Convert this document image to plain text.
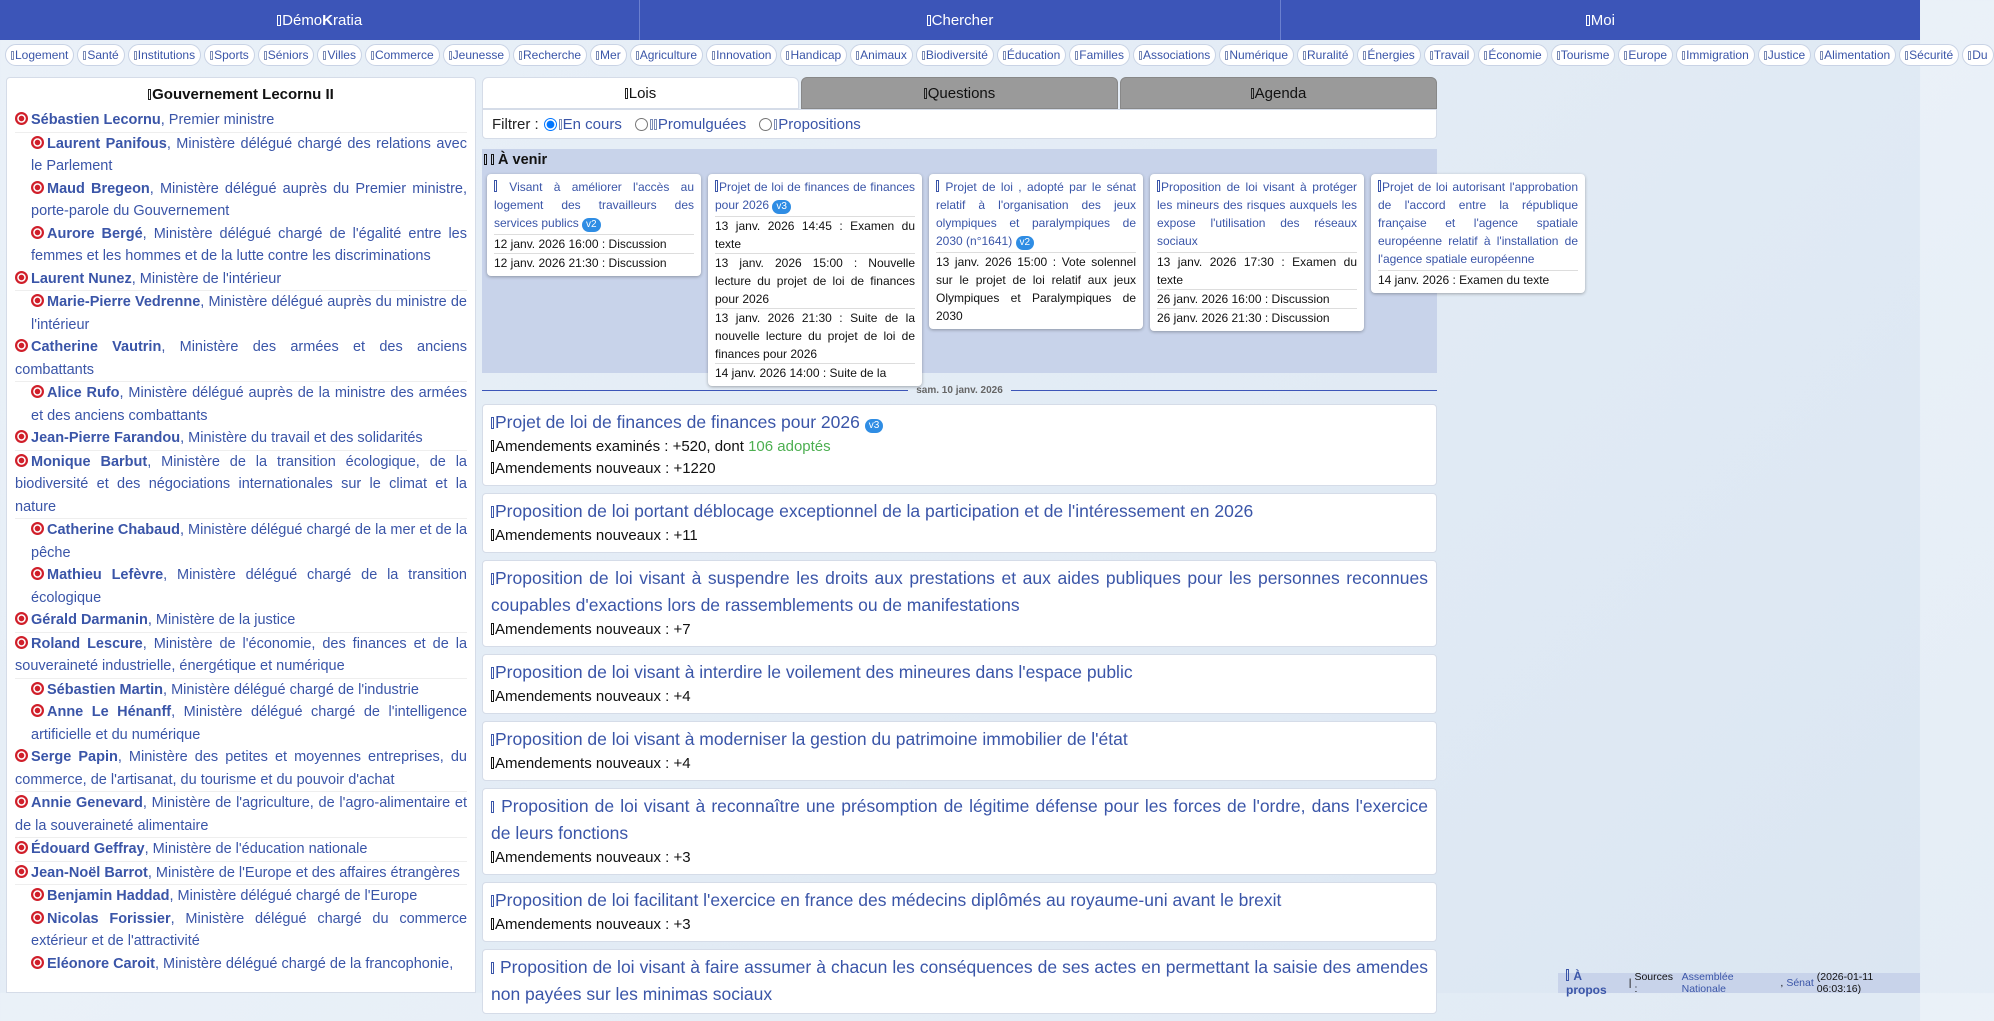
Démo K ratia	Chercher	Moi
Logement Santé Institutions Sports Séniors Villes Commerce Jeunesse Recherche Mer Agriculture Innovation Handicap Animaux Biodiversité Éducation Familles Associations Numérique Ruralité Énergies Travail Économie Tourisme Europe Immigration Justice Alimentation Sécurité Du
Gouvernement Lecornu II
Sébastien Lecornu, Premier ministre
Laurent Panifous, Ministère délégué chargé des relations avec le Parlement
Maud Bregeon, Ministère délégué auprès du Premier ministre, porte-parole du Gouvernement
Aurore Bergé, Ministère délégué chargé de l'égalité entre les femmes et les hommes et de la lutte contre les discriminations
Laurent Nunez, Ministère de l'intérieur
Marie-Pierre Vedrenne, Ministère délégué auprès du ministre de l'intérieur
Catherine Vautrin, Ministère des armées et des anciens combattants
Alice Rufo, Ministère délégué auprès de la ministre des armées et des anciens combattants
Jean-Pierre Farandou, Ministère du travail et des solidarités
Monique Barbut, Ministère de la transition écologique, de la biodiversité et des négociations internationales sur le climat et la nature
Catherine Chabaud, Ministère délégué chargé de la mer et de la pêche
Mathieu Lefèvre, Ministère délégué chargé de la transition écologique
Gérald Darmanin, Ministère de la justice
Roland Lescure, Ministère de l'économie, des finances et de la souveraineté industrielle, énergétique et numérique
Sébastien Martin, Ministère délégué chargé de l'industrie
Anne Le Hénanff, Ministère délégué chargé de l'intelligence artificielle et du numérique
Serge Papin, Ministère des petites et moyennes entreprises, du commerce, de l'artisanat, du tourisme et du pouvoir d'achat
Annie Genevard, Ministère de l'agriculture, de l'agro-alimentaire et de la souveraineté alimentaire
Édouard Geffray, Ministère de l'éducation nationale
Jean-Noël Barrot, Ministère de l'Europe et des affaires étrangères
Benjamin Haddad, Ministère délégué chargé de l'Europe
Nicolas Forissier, Ministère délégué chargé du commerce extérieur et de l'attractivité
Eléonore Caroit, Ministère délégué chargé de la francophonie,
Lois	Questions	Agenda
Filtrer : En cours Promulguées Propositions
À venir
Visant à améliorer l'accès au logement des travailleurs des services publics v2
12 janv. 2026 16:00 : Discussion
12 janv. 2026 21:30 : Discussion
Projet de loi de finances de finances pour 2026 v3
13 janv. 2026 14:45 : Examen du texte
13 janv. 2026 15:00 : Nouvelle lecture du projet de loi de finances pour 2026
13 janv. 2026 21:30 : Suite de la nouvelle lecture du projet de loi de finances pour 2026
14 janv. 2026 14:00 : Suite de la
Projet de loi , adopté par le sénat relatif à l'organisation des jeux olympiques et paralympiques de 2030 (n°1641) v2
13 janv. 2026 15:00 : Vote solennel sur le projet de loi relatif aux jeux Olympiques et Paralympiques de 2030
Proposition de loi visant à protéger les mineurs des risques auxquels les expose l'utilisation des réseaux sociaux
13 janv. 2026 17:30 : Examen du texte
26 janv. 2026 16:00 : Discussion
26 janv. 2026 21:30 : Discussion
Projet de loi autorisant l'approbation de l'accord entre la république française et l'agence spatiale européenne relatif à l'installation de l'agence spatiale européenne
14 janv. 2026 : Examen du texte
sam. 10 janv. 2026
Projet de loi de finances de finances pour 2026 v3
Amendements examinés : +520, dont 106 adoptés
Amendements nouveaux : +1220
Proposition de loi portant déblocage exceptionnel de la participation et de l'intéressement en 2026
Amendements nouveaux : +11
Proposition de loi visant à suspendre les droits aux prestations et aux aides publiques pour les personnes reconnues coupables d'exactions lors de rassemblements ou de manifestations
Amendements nouveaux : +7
Proposition de loi visant à interdire le voilement des mineures dans l'espace public
Amendements nouveaux : +4
Proposition de loi visant à moderniser la gestion du patrimoine immobilier de l'état
Amendements nouveaux : +4
Proposition de loi visant à reconnaître une présomption de légitime défense pour les forces de l'ordre, dans l'exercice de leurs fonctions
Amendements nouveaux : +3
Proposition de loi facilitant l'exercice en france des médecins diplômés au royaume-uni avant le brexit
Amendements nouveaux : +3
Proposition de loi visant à faire assumer à chacun les conséquences de ses actes en permettant la saisie des amendes non payées sur les minimas sociaux
À propos	| Sources :
Assemblée Nationale	, Sénat (2026-01-11 06:03:16)
